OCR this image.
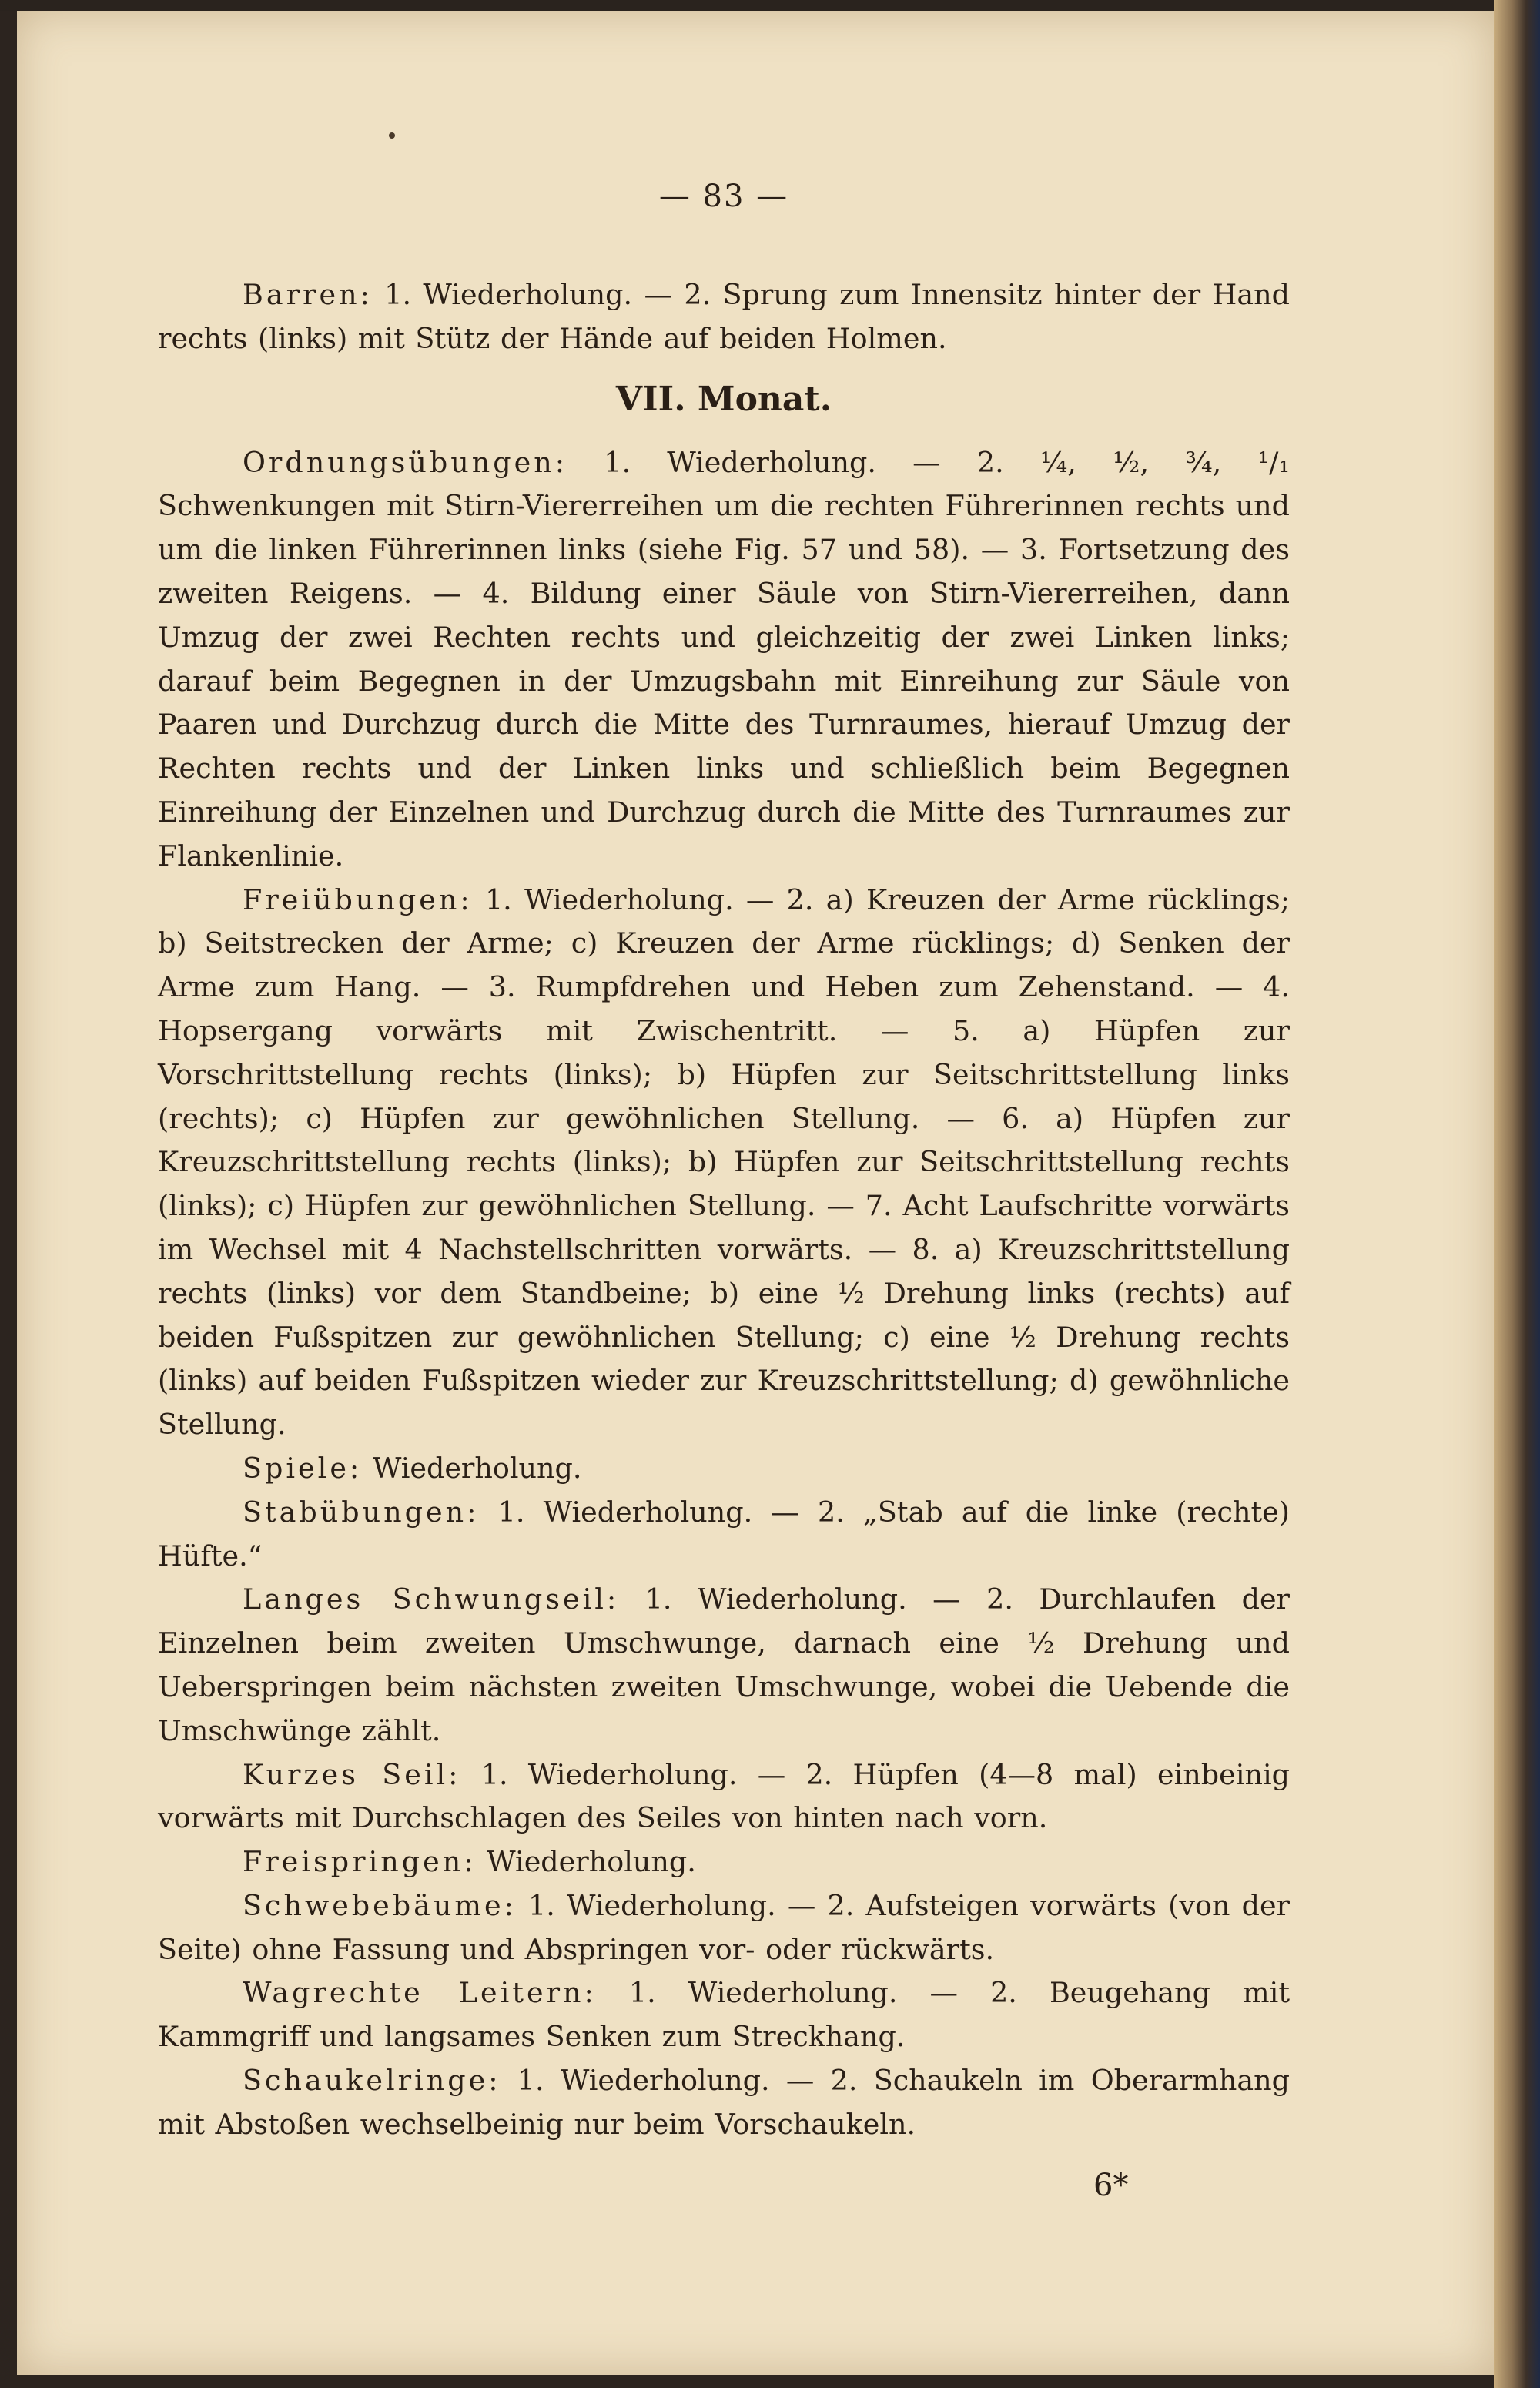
— 83 —

Barren: 1. Wiederholung. — 2. Sprung zum Innensitz hinter der Hand rechts (links) mit Stütz der Hände auf beiden Holmen.

VII. Monat.

Ordnungsübungen: 1. Wiederholung. — 2. ¼, ½, ¾, ¹/₁ Schwenkungen mit Stirn-Viererreihen um die rechten Führerinnen rechts und um die linken Führerinnen links (siehe Fig. 57 und 58). — 3. Fortsetzung des zweiten Reigens. — 4. Bildung einer Säule von Stirn-Viererreihen, dann Umzug der zwei Rechten rechts und gleichzeitig der zwei Linken links; darauf beim Begegnen in der Umzugsbahn mit Einreihung zur Säule von Paaren und Durchzug durch die Mitte des Turnraumes, hierauf Umzug der Rechten rechts und der Linken links und schließlich beim Begegnen Einreihung der Einzelnen und Durchzug durch die Mitte des Turnraumes zur Flankenlinie.

Freiübungen: 1. Wiederholung. — 2. a) Kreuzen der Arme rücklings; b) Seitstrecken der Arme; c) Kreuzen der Arme rücklings; d) Senken der Arme zum Hang. — 3. Rumpfdrehen und Heben zum Zehenstand. — 4. Hopsergang vorwärts mit Zwischentritt. — 5. a) Hüpfen zur Vorschrittstellung rechts (links); b) Hüpfen zur Seitschrittstellung links (rechts); c) Hüpfen zur gewöhnlichen Stellung. — 6. a) Hüpfen zur Kreuzschrittstellung rechts (links); b) Hüpfen zur Seitschrittstellung rechts (links); c) Hüpfen zur gewöhnlichen Stellung. — 7. Acht Laufschritte vorwärts im Wechsel mit 4 Nachstellschritten vorwärts. — 8. a) Kreuzschrittstellung rechts (links) vor dem Standbeine; b) eine ½ Drehung links (rechts) auf beiden Fußspitzen zur gewöhnlichen Stellung; c) eine ½ Drehung rechts (links) auf beiden Fußspitzen wieder zur Kreuzschrittstellung; d) gewöhnliche Stellung.

Spiele: Wiederholung.

Stabübungen: 1. Wiederholung. — 2. „Stab auf die linke (rechte) Hüfte.“

Langes Schwungseil: 1. Wiederholung. — 2. Durchlaufen der Einzelnen beim zweiten Umschwunge, darnach eine ½ Drehung und Ueberspringen beim nächsten zweiten Umschwunge, wobei die Uebende die Umschwünge zählt.

Kurzes Seil: 1. Wiederholung. — 2. Hüpfen (4—8 mal) einbeinig vorwärts mit Durchschlagen des Seiles von hinten nach vorn.

Freispringen: Wiederholung.

Schwebebäume: 1. Wiederholung. — 2. Aufsteigen vorwärts (von der Seite) ohne Fassung und Abspringen vor- oder rückwärts.

Wagrechte Leitern: 1. Wiederholung. — 2. Beugehang mit Kammgriff und langsames Senken zum Streckhang.

Schaukelringe: 1. Wiederholung. — 2. Schaukeln im Oberarmhang mit Abstoßen wechselbeinig nur beim Vorschaukeln.

6*
